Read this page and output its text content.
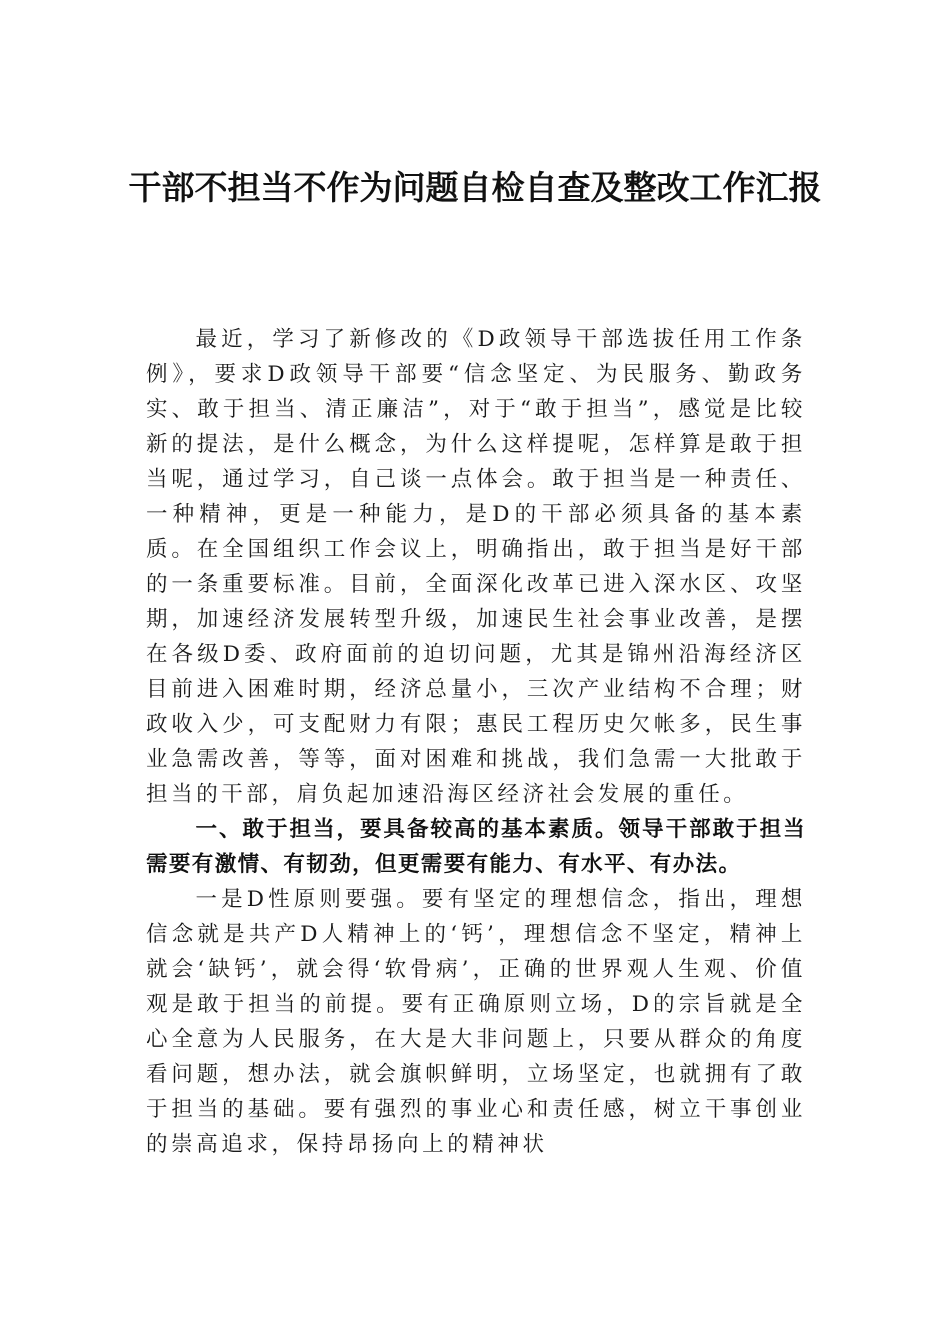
干部不担当不作为问题自检自查及整改工作汇报

最近，学习了新修改的《D政领导干部选拔任用工作条例》，要求D政领导干部要“信念坚定、为民服务、勤政务实、敢于担当、清正廉洁”，对于“敢于担当”，感觉是比较新的提法，是什么概念，为什么这样提呢，怎样算是敢于担当呢，通过学习，自己谈一点体会。敢于担当是一种责任、一种精神，更是一种能力，是D的干部必须具备的基本素质。在全国组织工作会议上，明确指出，敢于担当是好干部的一条重要标准。目前，全面深化改革已进入深水区、攻坚期，加速经济发展转型升级，加速民生社会事业改善，是摆在各级D委、政府面前的迫切问题，尤其是锦州沿海经济区目前进入困难时期，经济总量小，三次产业结构不合理；财政收入少，可支配财力有限；惠民工程历史欠帐多，民生事业急需改善，等等，面对困难和挑战，我们急需一大批敢于担当的干部，肩负起加速沿海区经济社会发展的重任。

一、敢于担当，要具备较高的基本素质。领导干部敢于担当需要有激情、有韧劲，但更需要有能力、有水平、有办法。

一是D性原则要强。要有坚定的理想信念，指出，理想信念就是共产D人精神上的‘钙’，理想信念不坚定，精神上就会‘缺钙’，就会得‘软骨病’，正确的世界观人生观、价值观是敢于担当的前提。要有正确原则立场，D的宗旨就是全心全意为人民服务，在大是大非问题上，只要从群众的角度看问题，想办法，就会旗帜鲜明，立场坚定，也就拥有了敢于担当的基础。要有强烈的事业心和责任感，树立干事创业的崇高追求，保持昂扬向上的精神状
